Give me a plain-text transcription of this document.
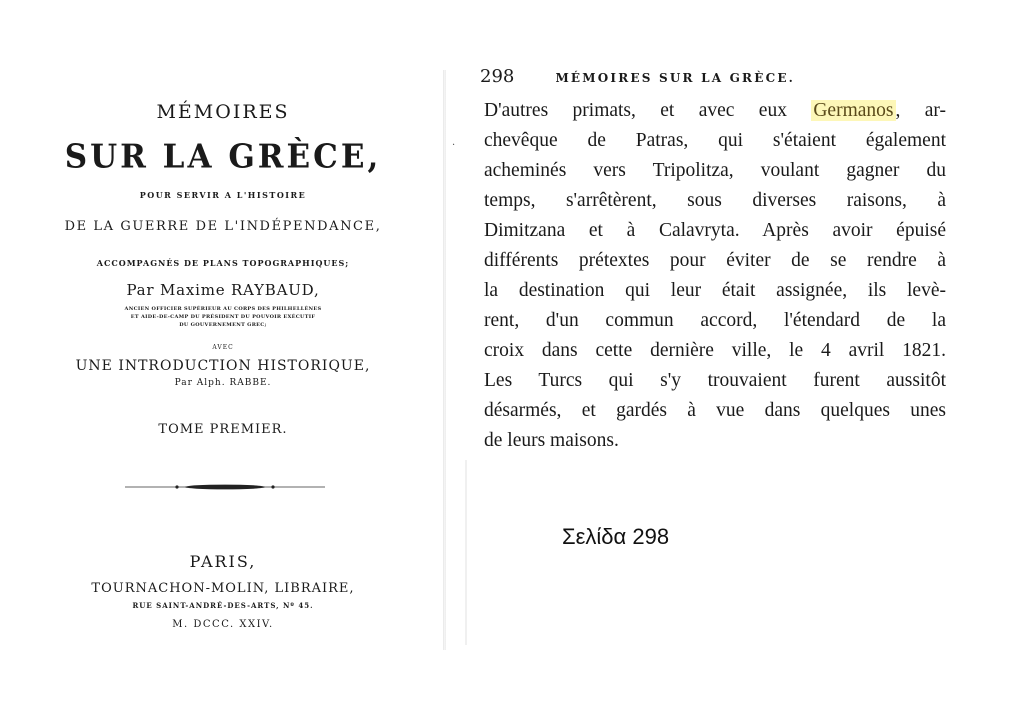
MÉMOIRES
SUR LA GRÈCE,
POUR SERVIR A L'HISTOIRE
DE LA GUERRE DE L'INDÉPENDANCE,
ACCOMPAGNÉS DE PLANS TOPOGRAPHIQUES;
Par Maxime RAYBAUD,
ANCIEN OFFICIER SUPÉRIEUR AU CORPS DES PHILHELLÈNES
ET AIDE-DE-CAMP DU PRÉSIDENT DU POUVOIR EXÉCUTIF
DU GOUVERNEMENT GREC;
AVEC
UNE INTRODUCTION HISTORIQUE,
Par Alph. RABBE.
TOME PREMIER.
PARIS,
TOURNACHON-MOLIN, LIBRAIRE,
RUE SAINT-ANDRÉ-DES-ARTS, Nº 45.
M. DCCC. XXIV.
·
298	MÉMOIRES SUR LA GRÈCE.
D'autres primats, et avec eux Germanos , ar-
chevêque de Patras, qui s'étaient également
acheminés vers Tripolitza, voulant gagner du
temps, s'arrêtèrent, sous diverses raisons, à
Dimitzana et à Calavryta. Après avoir épuisé
différents prétextes pour éviter de se rendre à
la destination qui leur était assignée, ils levè-
rent, d'un commun accord, l'étendard de la
croix dans cette dernière ville, le 4 avril 1821.
Les Turcs qui s'y trouvaient furent aussitôt
désarmés, et gardés à vue dans quelques unes
de leurs maisons.
Σελίδα 298
